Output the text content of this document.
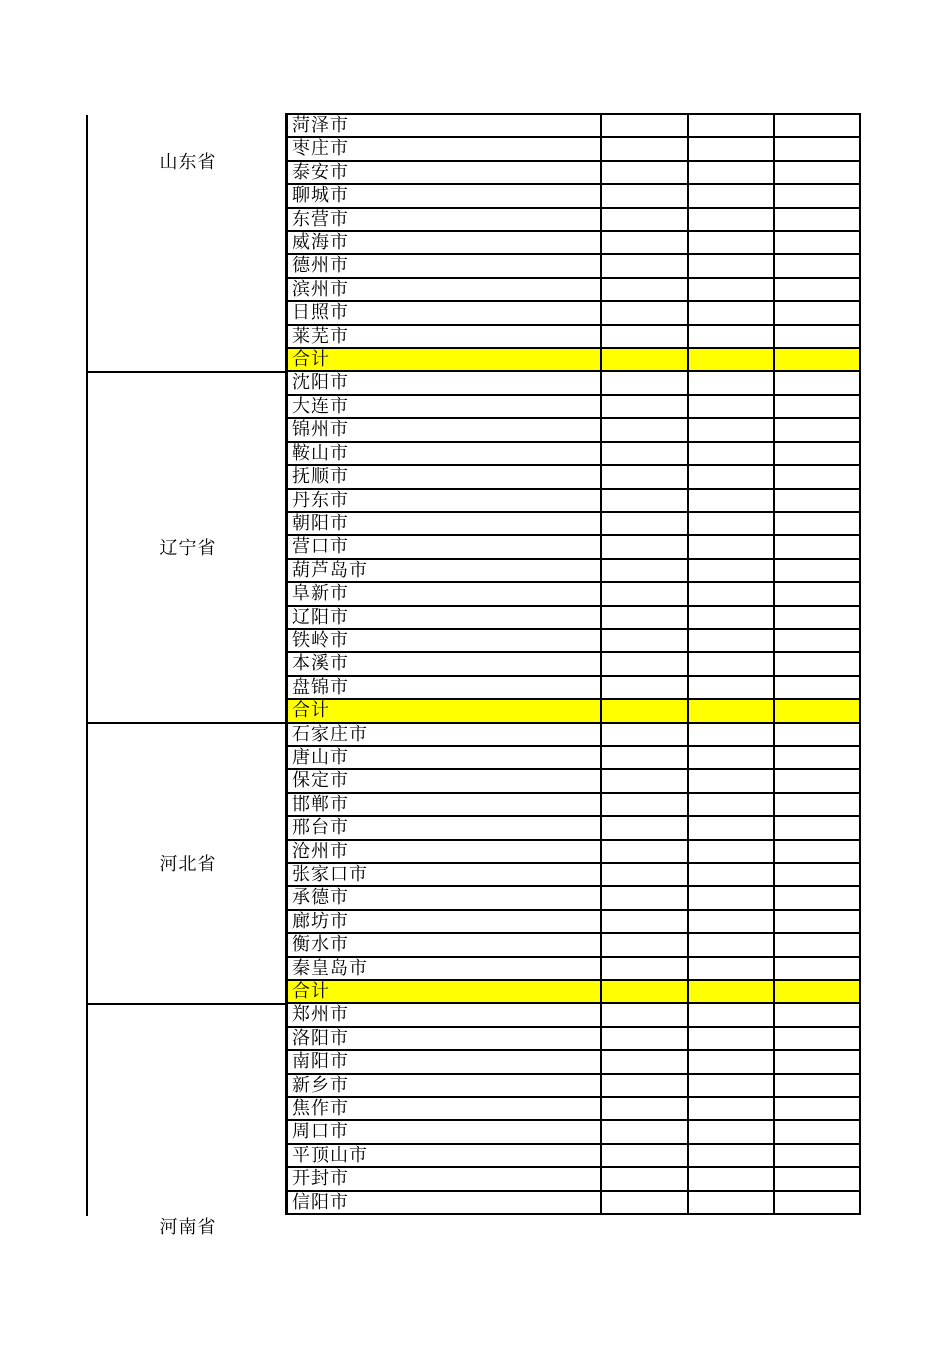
山东省
辽宁省
河北省
河南省
菏泽市
枣庄市
泰安市
聊城市
东营市
威海市
德州市
滨州市
日照市
莱芜市
合计
沈阳市
大连市
锦州市
鞍山市
抚顺市
丹东市
朝阳市
营口市
葫芦岛市
阜新市
辽阳市
铁岭市
本溪市
盘锦市
合计
石家庄市
唐山市
保定市
邯郸市
邢台市
沧州市
张家口市
承德市
廊坊市
衡水市
秦皇岛市
合计
郑州市
洛阳市
南阳市
新乡市
焦作市
周口市
平顶山市
开封市
信阳市
